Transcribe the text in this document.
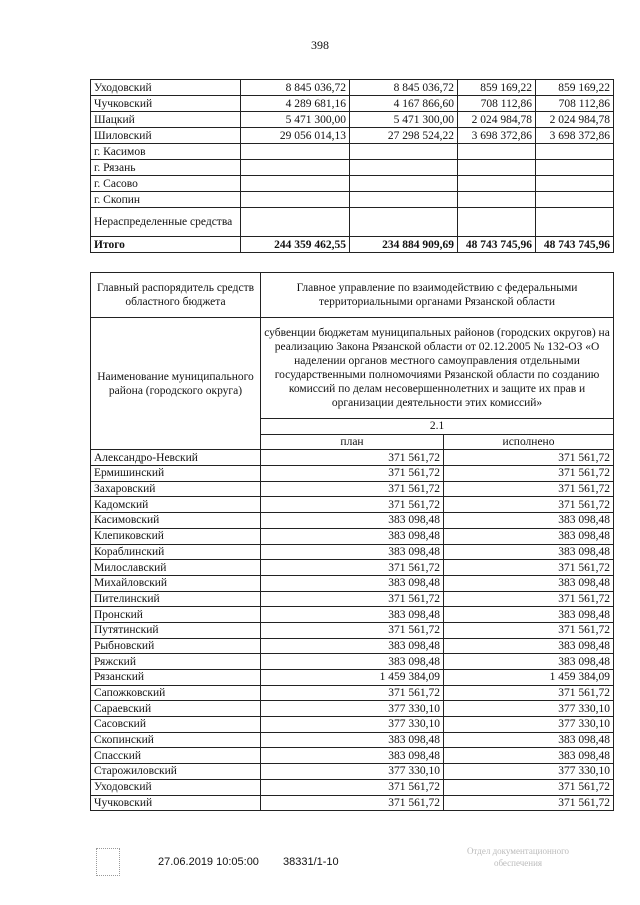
398
Уходовский	8 845 036,72	8 845 036,72	859 169,22	859 169,22
Чучковский	4 289 681,16	4 167 866,60	708 112,86	708 112,86
Шацкий	5 471 300,00	5 471 300,00	2 024 984,78	2 024 984,78
Шиловский	29 056 014,13	27 298 524,22	3 698 372,86	3 698 372,86
г. Касимов				
г. Рязань				
г. Сасово				
г. Скопин				
Нераспределенные средства				
Итого	244 359 462,55	234 884 909,69	48 743 745,96	48 743 745,96
Главный распорядитель средств областного бюджета	Главное управление по взаимодействию с федеральными территориальными органами Рязанской области	
Наименование муниципального района (городского округа)	субвенции бюджетам муниципальных районов (городских округов) на реализацию Закона Рязанской области от 02.12.2005 № 132-ОЗ «О наделении органов местного самоуправления отдельными государственными полномочиями Рязанской области по созданию комиссий по делам несовершеннолетних и защите их прав и организации деятельности этих комиссий»	
	2.1	
	план	исполнено
Александро-Невский	371 561,72	371 561,72
Ермишинский	371 561,72	371 561,72
Захаровский	371 561,72	371 561,72
Кадомский	371 561,72	371 561,72
Касимовский	383 098,48	383 098,48
Клепиковский	383 098,48	383 098,48
Кораблинский	383 098,48	383 098,48
Милославский	371 561,72	371 561,72
Михайловский	383 098,48	383 098,48
Пителинский	371 561,72	371 561,72
Пронский	383 098,48	383 098,48
Путятинский	371 561,72	371 561,72
Рыбновский	383 098,48	383 098,48
Ряжский	383 098,48	383 098,48
Рязанский	1 459 384,09	1 459 384,09
Сапожковский	371 561,72	371 561,72
Сараевский	377 330,10	377 330,10
Сасовский	377 330,10	377 330,10
Скопинский	383 098,48	383 098,48
Спасский	383 098,48	383 098,48
Старожиловский	377 330,10	377 330,10
Уходовский	371 561,72	371 561,72
Чучковский	371 561,72	371 561,72
27.06.2019 10:05:00 38331/1-10
Отдел документационного обеспечения
